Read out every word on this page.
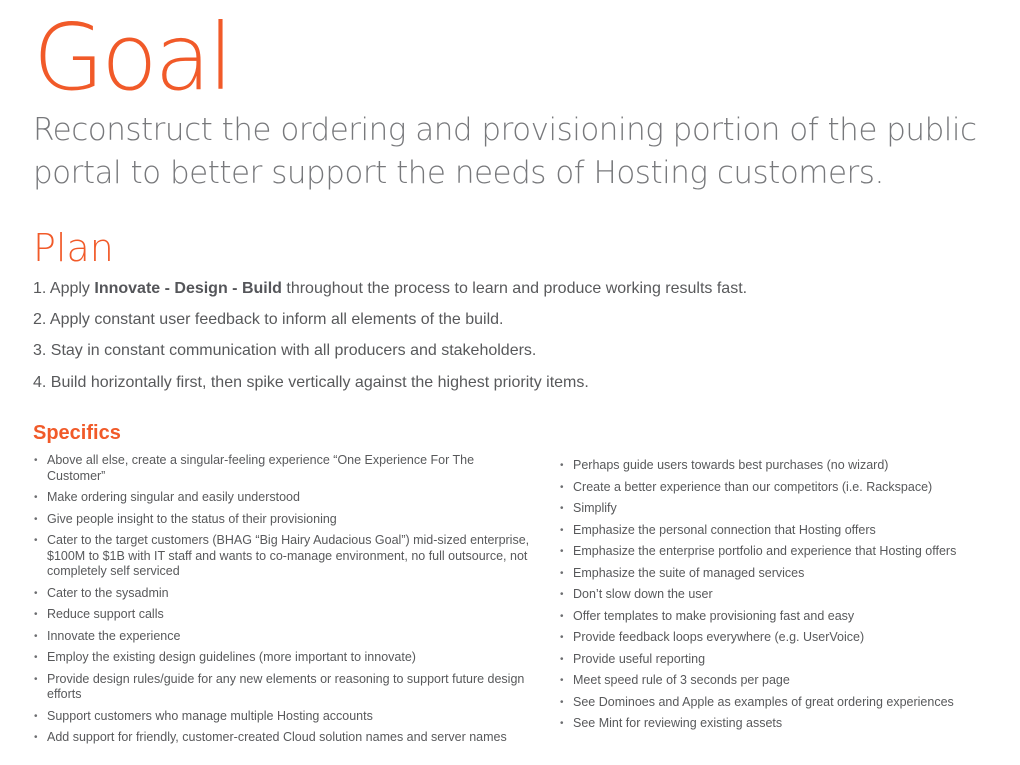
Goal

Reconstruct the ordering and provisioning portion of the public portal to better support the needs of Hosting customers.

Plan
1. Apply Innovate - Design - Build throughout the process to learn and produce working results fast.
2. Apply constant user feedback to inform all elements of the build.
3. Stay in constant communication with all producers and stakeholders.
4. Build horizontally first, then spike vertically against the highest priority items.
Specifics
• Above all else, create a singular-feeling experience “One Experience For The Customer”
• Make ordering singular and easily understood
• Give people insight to the status of their provisioning
• Cater to the target customers (BHAG “Big Hairy Audacious Goal”) mid-sized enterprise, $100M to $1B with IT staff and wants to co-manage environment, no full outsource, not completely self serviced
• Cater to the sysadmin
• Reduce support calls
• Innovate the experience
• Employ the existing design guidelines (more important to innovate)
• Provide design rules/guide for any new elements or reasoning to support future design efforts
• Support customers who manage multiple Hosting accounts
• Add support for friendly, customer-created Cloud solution names and server names
• Perhaps guide users towards best purchases (no wizard)
• Create a better experience than our competitors (i.e. Rackspace)
• Simplify
• Emphasize the personal connection that Hosting offers
• Emphasize the enterprise portfolio and experience that Hosting offers
• Emphasize the suite of managed services
• Don’t slow down the user
• Offer templates to make provisioning fast and easy
• Provide feedback loops everywhere (e.g. UserVoice)
• Provide useful reporting
• Meet speed rule of 3 seconds per page
• See Dominoes and Apple as examples of great ordering experiences
• See Mint for reviewing existing assets
